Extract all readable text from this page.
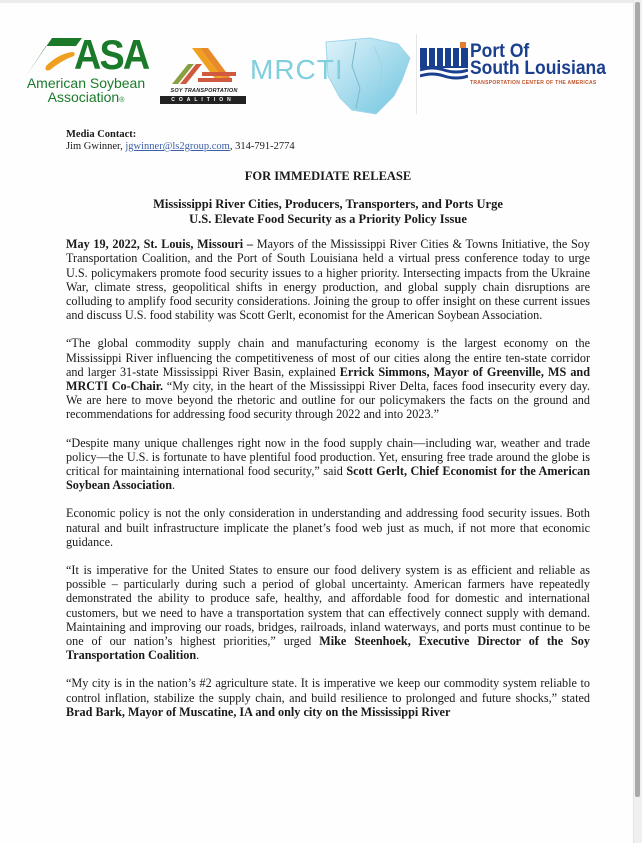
ASA
American Soybean
Association®
SOY TRANSPORTATION
COALITION
MRCTI
Port Of
South Louisiana
TRANSPORTATION CENTER OF THE AMERICAS
Media Contact:
Jim Gwinner, jgwinner@ls2group.com, 314-791-2774
FOR IMMEDIATE RELEASE
Mississippi River Cities, Producers, Transporters, and Ports Urge
U.S. Elevate Food Security as a Priority Policy Issue

May 19, 2022, St. Louis, Missouri – Mayors of the Mississippi River Cities & Towns Initiative, the Soy Transportation Coalition, and the Port of South Louisiana held a virtual press conference today to urge U.S. policymakers promote food security issues to a higher priority. Intersecting impacts from the Ukraine War, climate stress, geopolitical shifts in energy production, and global supply chain disruptions are colluding to amplify food security considerations. Joining the group to offer insight on these current issues and discuss U.S. food stability was Scott Gerlt, economist for the American Soybean Association.

“The global commodity supply chain and manufacturing economy is the largest economy on the Mississippi River influencing the competitiveness of most of our cities along the entire ten-state corridor and larger 31-state Mississippi River Basin, explained Errick Simmons, Mayor of Greenville, MS and MRCTI Co-Chair. “My city, in the heart of the Mississippi River Delta, faces food insecurity every day. We are here to move beyond the rhetoric and outline for our policymakers the facts on the ground and recommendations for addressing food security through 2022 and into 2023.”

“Despite many unique challenges right now in the food supply chain—including war, weather and trade policy—the U.S. is fortunate to have plentiful food production. Yet, ensuring free trade around the globe is critical for maintaining international food security,” said Scott Gerlt, Chief Economist for the American Soybean Association.

Economic policy is not the only consideration in understanding and addressing food security issues. Both natural and built infrastructure implicate the planet’s food web just as much, if not more that economic guidance.

“It is imperative for the United States to ensure our food delivery system is as efficient and reliable as possible – particularly during such a period of global uncertainty. American farmers have repeatedly demonstrated the ability to produce safe, healthy, and affordable food for domestic and international customers, but we need to have a transportation system that can effectively connect supply with demand. Maintaining and improving our roads, bridges, railroads, inland waterways, and ports must continue to be one of our nation’s highest priorities,” urged Mike Steenhoek, Executive Director of the Soy Transportation Coalition.

“My city is in the nation’s #2 agriculture state. It is imperative we keep our commodity system reliable to control inflation, stabilize the supply chain, and build resilience to prolonged and future shocks,” stated Brad Bark, Mayor of Muscatine, IA and only city on the Mississippi River
